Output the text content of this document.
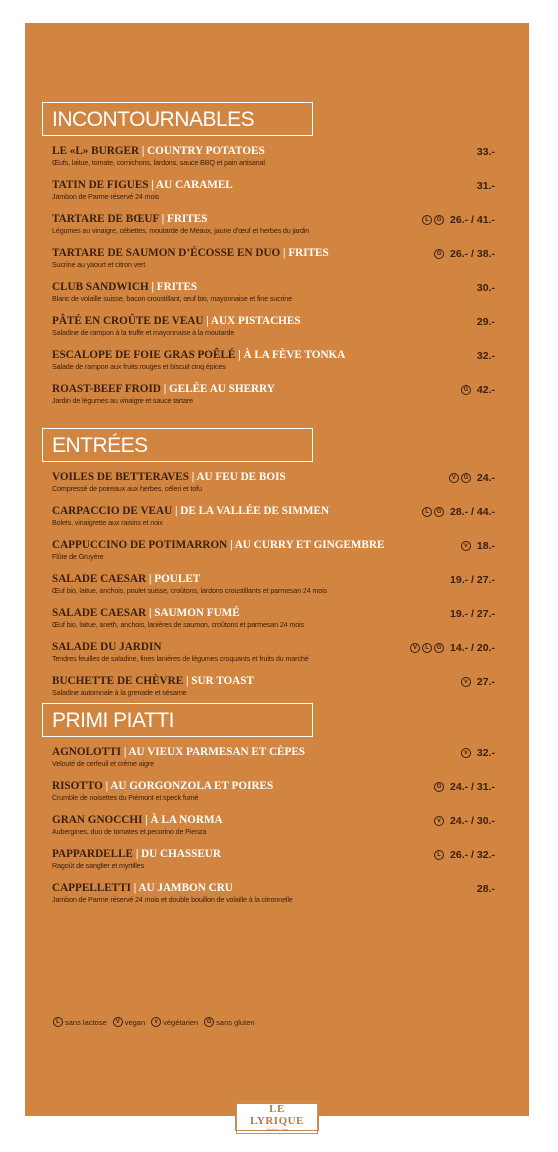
INCONTOURNABLES
LE «L» BURGER | COUNTRY POTATOES
Œufs, laitue, tomate, cornichons, lardons, sauce BBQ et pain artisanal
33.-
TATIN DE FIGUES | AU CARAMEL
Jambon de Parme réservé 24 mois
31.-
TARTARE DE BŒUF | FRITES
Légumes au vinaigre, cébettes, moutarde de Meaux, jaune d’œuf et herbes du jardin
L	G 26.- / 41.-
TARTARE DE SAUMON D’ÉCOSSE EN DUO | FRITES
Sucrine au yaourt et citron vert
G 26.- / 38.-
CLUB SANDWICH | FRITES
Blanc de volaille suisse, bacon croustillant, œuf bio, mayonnaise et fine sucrine
30.-
PÂTÉ EN CROÛTE DE VEAU | AUX PISTACHES
Saladine de rampon à la truffe et mayonnaise à la moutarde
29.-
ESCALOPE DE FOIE GRAS POÊLÉ | À LA FÈVE TONKA
Salade de rampon aux fruits rouges et biscuit cinq épices
32.-
ROAST-BEEF FROID | GELÉE AU SHERRY
Jardin de légumes au vinaigre et sauce tartare
G 42.-
ENTRÉES
VOILES DE BETTERAVES | AU FEU DE BOIS
Compressé de poireaux aux herbes, céleri et tofu
V	G 24.-
CARPACCIO DE VEAU | DE LA VALLÉE DE SIMMEN
Bolets, vinaigrette aux raisins et noix
L	G 28.- / 44.-
CAPPUCCINO DE POTIMARRON | AU CURRY ET GINGEMBRE
Flûte de Gruyère
v 18.-
SALADE CAESAR | POULET
Œuf bio, laitue, anchois, poulet suisse, croûtons, lardons croustillants et parmesan 24 mois
19.- / 27.-
SALADE CAESAR | SAUMON FUMÉ
Œuf bio, laitue, aneth, anchois, lanières de saumon, croûtons et parmesan 24 mois
19.- / 27.-
SALADE DU JARDIN
Tendres feuilles de saladine, fines lanières de légumes croquants et fruits du marché
V	L	G 14.- / 20.-
BUCHETTE DE CHÈVRE | SUR TOAST
Saladine automnale à la grenade et sésame
v 27.-
PRIMI PIATTI
AGNOLOTTI | AU VIEUX PARMESAN ET CÈPES
Velouté de cerfeuil et crème aigre
v 32.-
RISOTTO | AU GORGONZOLA ET POIRES
Crumble de noisettes du Piémont et speck fumé
G 24.- / 31.-
GRAN GNOCCHI | À LA NORMA
Aubergines, duo de tomates et pecorino de Pienza
v 24.- / 30.-
PAPPARDELLE | DU CHASSEUR
Ragoût de sanglier et myrtilles
L 26.- / 32.-
CAPPELLETTI | AU JAMBON CRU
Jambon de Parme réservé 24 mois et double bouillon de volaille à la citronnelle
28.-
L sans lactose	V vegan	v végétarien	G sans gluten
LE LYRIQUE
kitchen · bar
